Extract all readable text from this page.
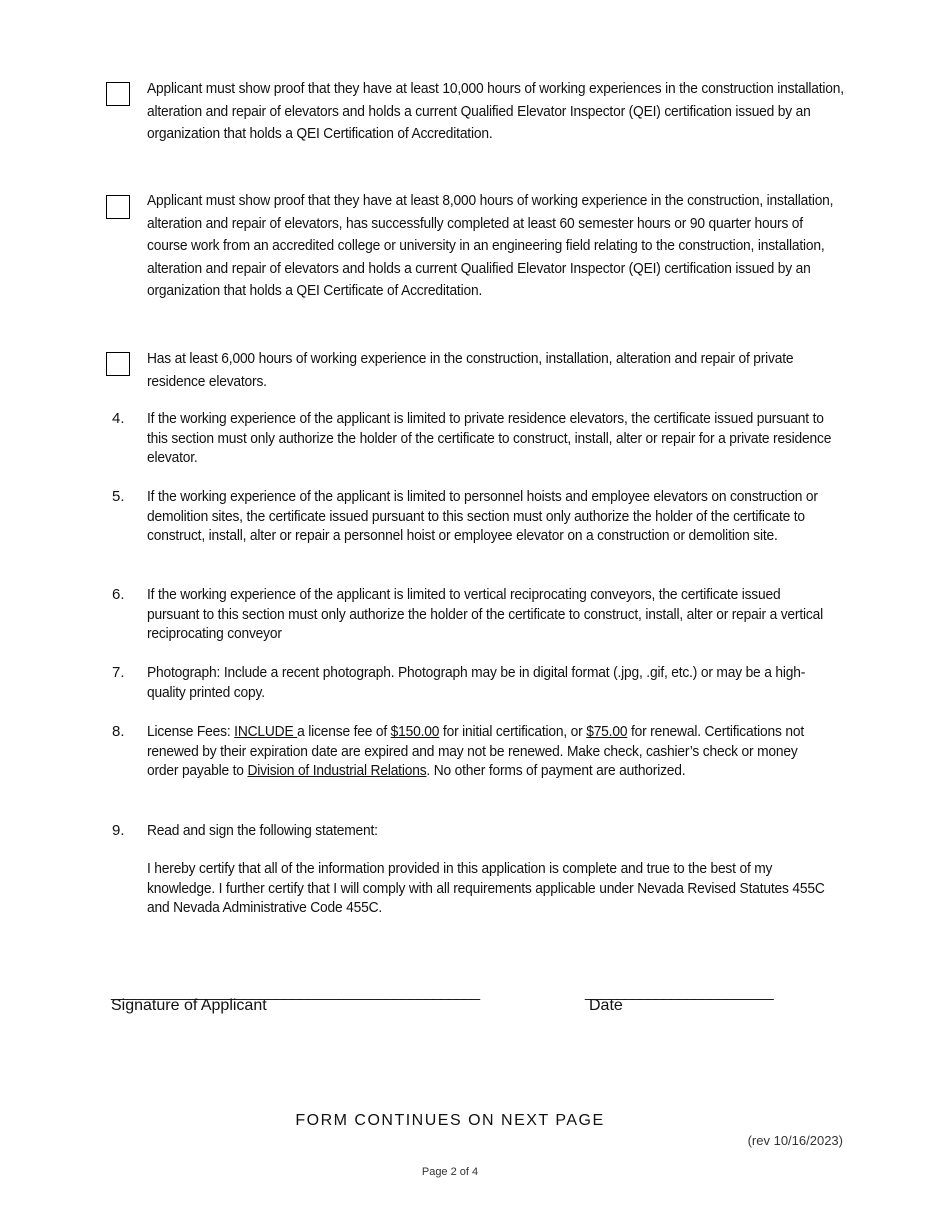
Applicant must show proof that they have at least 10,000 hours of working experiences in the construction installation, alteration and repair of elevators and holds a current Qualified Elevator Inspector (QEI) certification issued by an organization that holds a QEI Certification of Accreditation.
Applicant must show proof that they have at least 8,000 hours of working experience in the construction, installation, alteration and repair of elevators, has successfully completed at least 60 semester hours or 90 quarter hours of course work from an accredited college or university in an engineering field relating to the construction, installation, alteration and repair of elevators and holds a current Qualified Elevator Inspector (QEI) certification issued by an organization that holds a QEI Certificate of Accreditation.
Has at least 6,000 hours of working experience in the construction, installation, alteration and repair of private residence elevators.
4. If the working experience of the applicant is limited to private residence elevators, the certificate issued pursuant to this section must only authorize the holder of the certificate to construct, install, alter or repair for a private residence elevator.
5. If the working experience of the applicant is limited to personnel hoists and employee elevators on construction or demolition sites, the certificate issued pursuant to this section must only authorize the holder of the certificate to construct, install, alter or repair a personnel hoist or employee elevator on a construction or demolition site.
6. If the working experience of the applicant is limited to vertical reciprocating conveyors, the certificate issued pursuant to this section must only authorize the holder of the certificate to construct, install, alter or repair a vertical reciprocating conveyor
7. Photograph: Include a recent photograph. Photograph may be in digital format (.jpg, .gif, etc.) or may be a high-quality printed copy.
8. License Fees: INCLUDE a license fee of $150.00 for initial certification, or $75.00 for renewal. Certifications not renewed by their expiration date are expired and may not be renewed. Make check, cashier’s check or money order payable to Division of Industrial Relations. No other forms of payment are authorized.
9. Read and sign the following statement:
I hereby certify that all of the information provided in this application is complete and true to the best of my knowledge. I further certify that I will comply with all requirements applicable under Nevada Revised Statutes 455C and Nevada Administrative Code 455C.
_______________________________________________	________________________
Signature of Applicant	Date
FORM CONTINUES ON NEXT PAGE
(rev 10/16/2023)
Page 2 of 4
